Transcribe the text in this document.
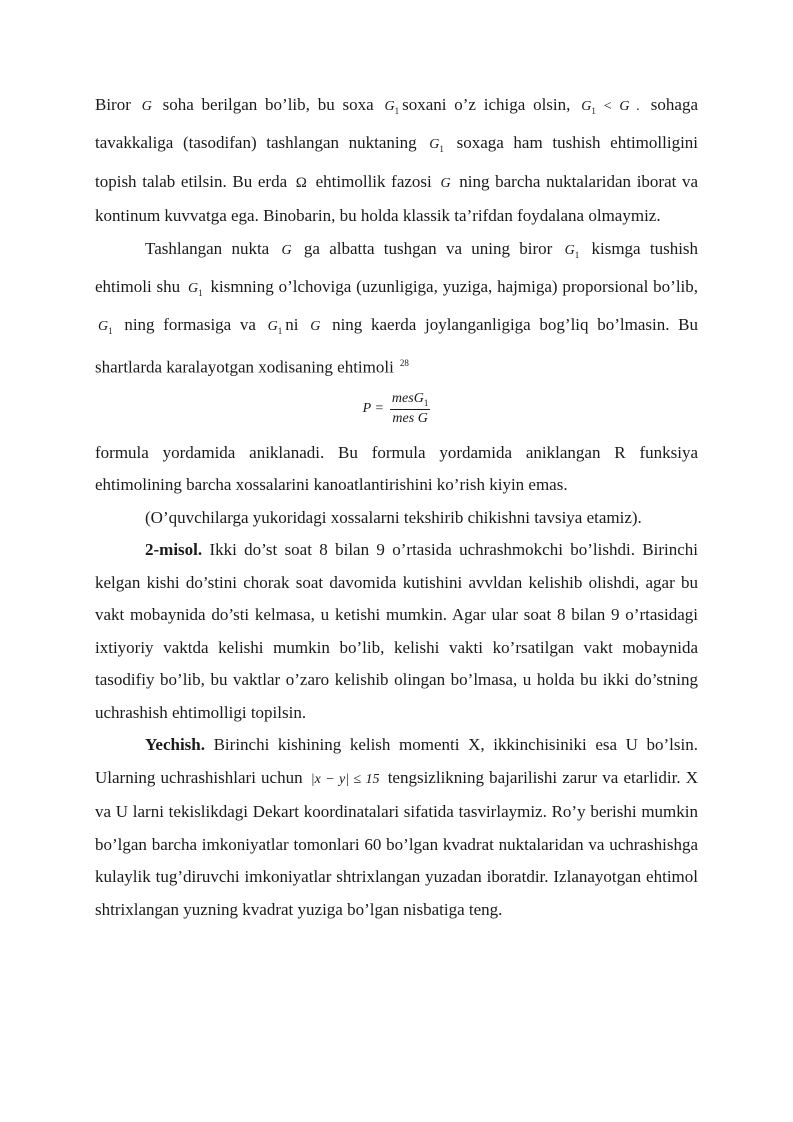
Biror G soha berilgan bo’lib, bu soxa $G_1$ soxani o’z ichiga olsin, $G_1 < G$ . sohaga tavakkaliga (tasodifan) tashlangan nuktaning $G_1$ soxaga ham tushish ehtimolligini topish talab etilsin. Bu erda Ω ehtimollik fazosi G ning barcha nuktalaridan iborat va kontinum kuvvatga ega. Binobarin, bu holda klassik ta’rifdan foydalana olmaymiz.

Tashlangan nukta G ga albatta tushgan va uning biror $G_1$ kismga tushish ehtimoli shu $G_1$ kismning o’lchoviga (uzunligiga, yuziga, hajmiga) proporsional bo’lib, $G_1$ ning formasiga va $G_1$ ni G ning kaerda joylanganligiga bog’liq bo’lmasin. Bu shartlarda karalayotgan xodisaning ehtimoli $^{28}$

$P = \frac{mesG_1}{\text{mes G}}$

formula yordamida aniklanadi. Bu formula yordamida aniklangan R funksiya ehtimolining barcha xossalarini kanoatlantirishini ko’rish kiyin emas.

(O’quvchilarga yukoridagi xossalarni tekshirib chikishni tavsiya etamiz).

2-misol. Ikki do’st soat 8 bilan 9 o’rtasida uchrashmokchi bo’lishdi. Birinchi kelgan kishi do’stini chorak soat davomida kutishini avvldan kelishib olishdi, agar bu vakt mobaynida do’sti kelmasa, u ketishi mumkin. Agar ular soat 8 bilan 9 o’rtasidagi ixtiyoriy vaktda kelishi mumkin bo’lib, kelishi vakti ko’rsatilgan vakt mobaynida tasodifiy bo’lib, bu vaktlar o’zaro kelishib olingan bo’lmasa, u holda bu ikki do’stning uchrashish ehtimolligi topilsin.

Yechish. Birinchi kishining kelish momenti X, ikkinchisiniki esa U bo’lsin. Ularning uchrashishlari uchun |x − y| ≤ 15 tengsizlikning bajarilishi zarur va etarlidir. X va U larni tekislikdagi Dekart koordinatalari sifatida tasvirlaymiz. Ro’y berishi mumkin bo’lgan barcha imkoniyatlar tomonlari 60 bo’lgan kvadrat nuktalaridan va uchrashishga kulaylik tug’diruvchi imkoniyatlar shtrixlangan yuzadan iboratdir. Izlanayotgan ehtimol shtrixlangan yuzning kvadrat yuziga bo’lgan nisbatiga teng.
